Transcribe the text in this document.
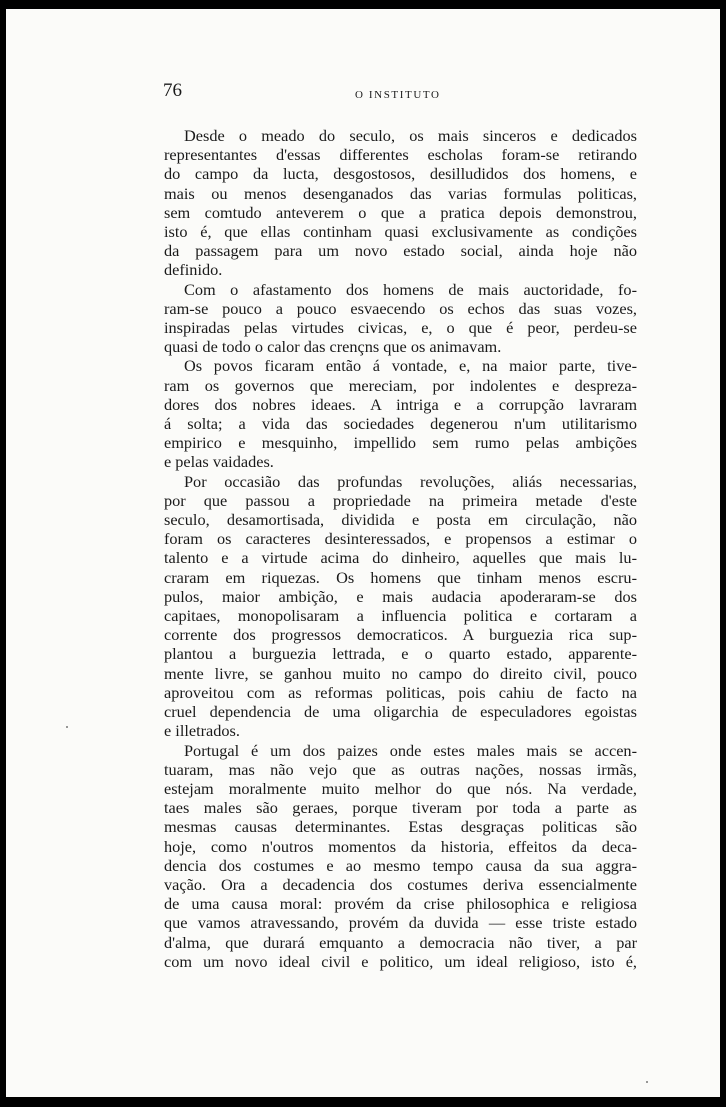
76	O INSTITUTO
Desde o meado do seculo, os mais sinceros e dedicados
representantes d'essas differentes escholas foram-se retirando
do campo da lucta, desgostosos, desilludidos dos homens, e
mais ou menos desenganados das varias formulas politicas,
sem comtudo anteverem o que a pratica depois demonstrou,
isto é, que ellas continham quasi exclusivamente as condições
da passagem para um novo estado social, ainda hoje não
definido.
Com o afastamento dos homens de mais auctoridade, fo-
ram-se pouco a pouco esvaecendo os echos das suas vozes,
inspiradas pelas virtudes civicas, e, o que é peor, perdeu-se
quasi de todo o calor das crençns que os animavam.
Os povos ficaram então á vontade, e, na maior parte, tive-
ram os governos que mereciam, por indolentes e despreza-
dores dos nobres ideaes. A intriga e a corrupção lavraram
á solta; a vida das sociedades degenerou n'um utilitarismo
empirico e mesquinho, impellido sem rumo pelas ambições
e pelas vaidades.
Por occasião das profundas revoluções, aliás necessarias,
por que passou a propriedade na primeira metade d'este
seculo, desamortisada, dividida e posta em circulação, não
foram os caracteres desinteressados, e propensos a estimar o
talento e a virtude acima do dinheiro, aquelles que mais lu-
craram em riquezas. Os homens que tinham menos escru-
pulos, maior ambição, e mais audacia apoderaram-se dos
capitaes, monopolisaram a influencia politica e cortaram a
corrente dos progressos democraticos. A burguezia rica sup-
plantou a burguezia lettrada, e o quarto estado, apparente-
mente livre, se ganhou muito no campo do direito civil, pouco
aproveitou com as reformas politicas, pois cahiu de facto na
cruel dependencia de uma oligarchia de especuladores egoistas
e illetrados.
Portugal é um dos paizes onde estes males mais se accen-
tuaram, mas não vejo que as outras nações, nossas irmãs,
estejam moralmente muito melhor do que nós. Na verdade,
taes males são geraes, porque tiveram por toda a parte as
mesmas causas determinantes. Estas desgraças politicas são
hoje, como n'outros momentos da historia, effeitos da deca-
dencia dos costumes e ao mesmo tempo causa da sua aggra-
vação. Ora a decadencia dos costumes deriva essencialmente
de uma causa moral: provém da crise philosophica e religiosa
que vamos atravessando, provém da duvida — esse triste estado
d'alma, que durará emquanto a democracia não tiver, a par
com um novo ideal civil e politico, um ideal religioso, isto é,
